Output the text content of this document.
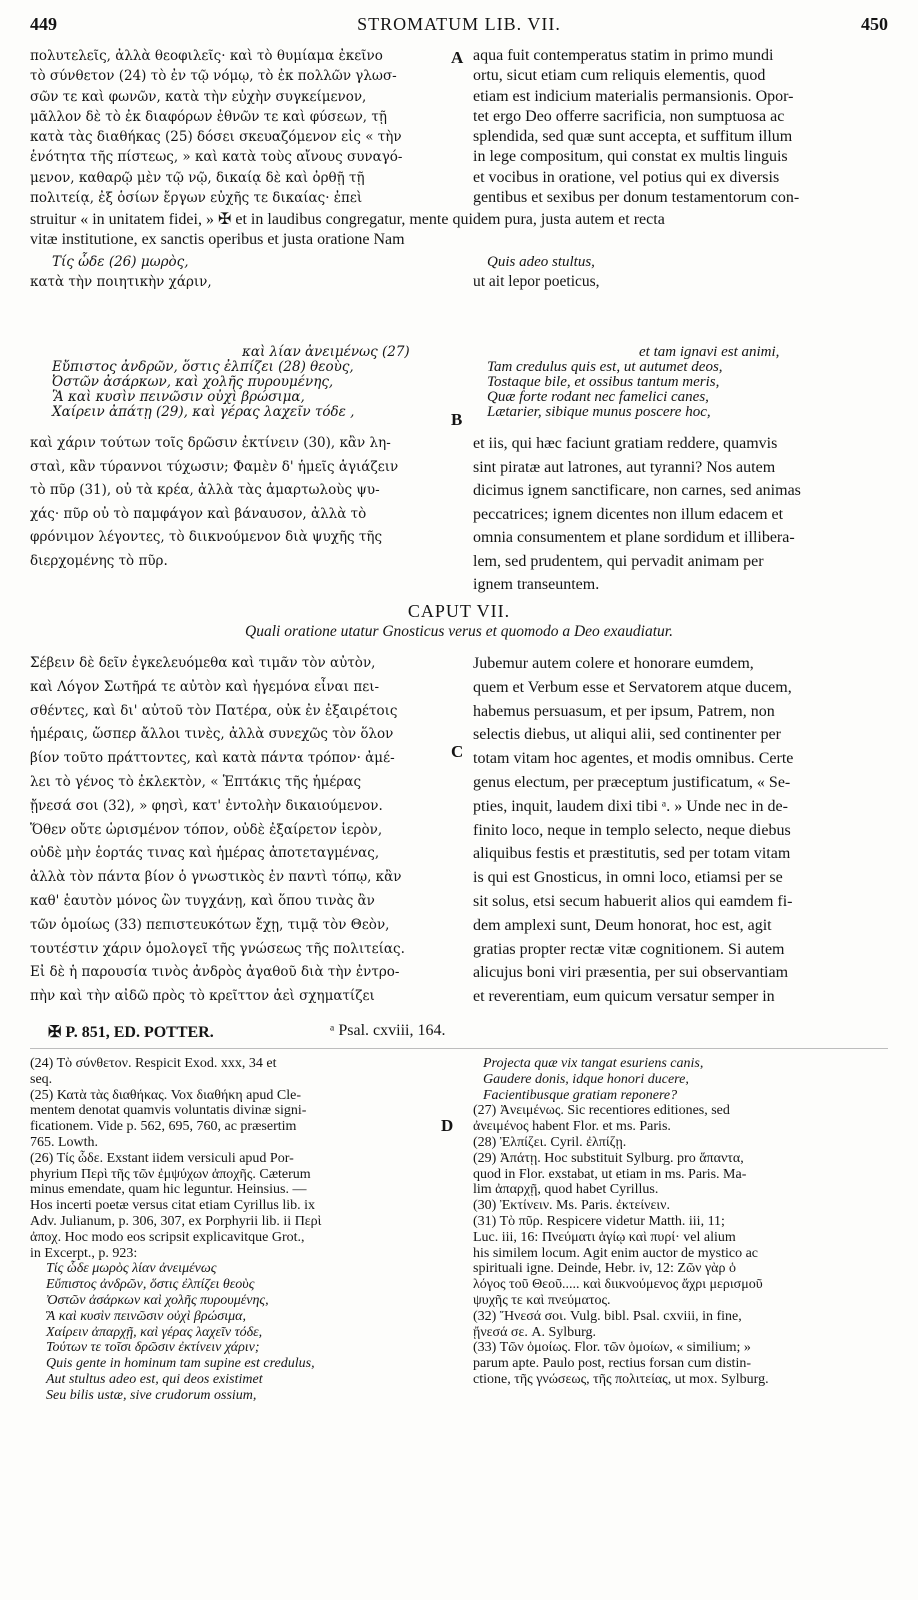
449	STROMATUM LIB. VII.	450
A
B
C
D
πολυτελεῖς, ἀλλὰ θεοφιλεῖς· καὶ τὸ θυμίαμα ἐκεῖνο
τὸ σύνθετον (24) τὸ ἐν τῷ νόμῳ, τὸ ἐκ πολλῶν γλωσ-
σῶν τε καὶ φωνῶν, κατὰ τὴν εὐχὴν συγκείμενον,
μᾶλλον δὲ τὸ ἐκ διαφόρων ἐθνῶν τε καὶ φύσεων, τῇ
κατὰ τὰς διαθήκας (25) δόσει σκευαζόμενον εἰς « τὴν
ἑνότητα τῆς πίστεως, » καὶ κατὰ τοὺς αἴνους συναγό-
μενον, καθαρῷ μὲν τῷ νῷ, δικαίᾳ δὲ καὶ ὀρθῇ τῇ
πολιτείᾳ, ἐξ ὁσίων ἔργων εὐχῆς τε δικαίας· ἐπεὶ
aqua fuit contemperatus statim in primo mundi
ortu, sicut etiam cum reliquis elementis, quod
etiam est indicium materialis permansionis. Opor-
tet ergo Deo offerre sacrificia, non sumptuosa ac
splendida, sed quæ sunt accepta, et suffitum illum
in lege compositum, qui constat ex multis linguis
et vocibus in oratione, vel potius qui ex diversis
gentibus et sexibus per donum testamentorum con-
struitur « in unitatem fidei, » ✠ et in laudibus congregatur, mente quidem pura, justa autem et recta
vitæ institutione, ex sanctis operibus et justa oratione Nam
Τίς ὧδε (26) μωρὸς,
κατὰ τὴν ποιητικὴν χάριν,
Quis adeo stultus,
ut ait lepor poeticus,
καὶ λίαν ἀνειμένως (27)
Εὔπιστος ἀνδρῶν, ὅστις ἐλπίζει (28) θεοὺς,
Ὀστῶν ἀσάρκων, καὶ χολῆς πυρουμένης,
Ἃ καὶ κυσὶν πεινῶσιν οὐχὶ βρώσιμα,
Χαίρειν ἀπάτῃ (29), καὶ γέρας λαχεῖν τόδε ,
et tam ignavi est animi,
Tam credulus quis est, ut autumet deos,
Tostaque bile, et ossibus tantum meris,
Quæ forte rodant nec famelici canes,
Lætarier, sibique munus poscere hoc,
καὶ χάριν τούτων τοῖς δρῶσιν ἐκτίνειν (30), κἂν λη-
σταὶ, κἂν τύραννοι τύχωσιν; Φαμὲν δ' ἡμεῖς ἁγιάζειν
τὸ πῦρ (31), οὐ τὰ κρέα, ἀλλὰ τὰς ἁμαρτωλοὺς ψυ-
χάς· πῦρ οὐ τὸ παμφάγον καὶ βάναυσον, ἀλλὰ τὸ
φρόνιμον λέγοντες, τὸ διικνούμενον διὰ ψυχῆς τῆς
διερχομένης τὸ πῦρ.
et iis, qui hæc faciunt gratiam reddere, quamvis
sint piratæ aut latrones, aut tyranni? Nos autem
dicimus ignem sanctificare, non carnes, sed animas
peccatrices; ignem dicentes non illum edacem et
omnia consumentem et plane sordidum et illibera-
lem, sed prudentem, qui pervadit animam per
ignem transeuntem.
CAPUT VII.
Quali oratione utatur Gnosticus verus et quomodo a Deo exaudiatur.
Σέβειν δὲ δεῖν ἐγκελευόμεθα καὶ τιμᾶν τὸν αὐτὸν,
καὶ Λόγον Σωτῆρά τε αὐτὸν καὶ ἡγεμόνα εἶναι πει-
σθέντες, καὶ δι' αὐτοῦ τὸν Πατέρα, οὐκ ἐν ἐξαιρέτοις
ἡμέραις, ὥσπερ ἄλλοι τινὲς, ἀλλὰ συνεχῶς τὸν ὅλον
βίον τοῦτο πράττοντες, καὶ κατὰ πάντα τρόπον· ἀμέ-
λει τὸ γένος τὸ ἐκλεκτὸν, « Ἑπτάκις τῆς ἡμέρας
ᾔνεσά σοι (32), » φησὶ, κατ' ἐντολὴν δικαιούμενον.
Ὅθεν οὔτε ὡρισμένον τόπον, οὐδὲ ἐξαίρετον ἱερὸν,
οὐδὲ μὴν ἑορτάς τινας καὶ ἡμέρας ἀποτεταγμένας,
ἀλλὰ τὸν πάντα βίον ὁ γνωστικὸς ἐν παντὶ τόπῳ, κἂν
καθ' ἑαυτὸν μόνος ὢν τυγχάνῃ, καὶ ὅπου τινὰς ἂν
τῶν ὁμοίως (33) πεπιστευκότων ἔχῃ, τιμᾷ τὸν Θεὸν,
τουτέστιν χάριν ὁμολογεῖ τῆς γνώσεως τῆς πολιτείας.
Εἰ δὲ ἡ παρουσία τινὸς ἀνδρὸς ἀγαθοῦ διὰ τὴν ἐντρο-
πὴν καὶ τὴν αἰδῶ πρὸς τὸ κρεῖττον ἀεὶ σχηματίζει
Jubemur autem colere et honorare eumdem,
quem et Verbum esse et Servatorem atque ducem,
habemus persuasum, et per ipsum, Patrem, non
selectis diebus, ut aliqui alii, sed continenter per
totam vitam hoc agentes, et modis omnibus. Certe
genus electum, per præceptum justificatum, « Se-
pties, inquit, laudem dixi tibi ᵃ. » Unde nec in de-
finito loco, neque in templo selecto, neque diebus
aliquibus festis et præstitutis, sed per totam vitam
is qui est Gnosticus, in omni loco, etiamsi per se
sit solus, etsi secum habuerit alios qui eamdem fi-
dem amplexi sunt, Deum honorat, hoc est, agit
gratias propter rectæ vitæ cognitionem. Si autem
alicujus boni viri præsentia, per sui observantiam
et reverentiam, eum quicum versatur semper in
✠ P. 851, ED. POTTER.	ᵃ Psal. cxviii, 164.
(24) Τὸ σύνθετον. Respicit Exod. xxx, 34 et
seq.
(25) Κατὰ τὰς διαθήκας. Vox διαθήκη apud Cle-
mentem denotat quamvis voluntatis divinæ signi-
ficationem. Vide p. 562, 695, 760, ac præsertim
765. Lowth.
(26) Τίς ὧδε. Exstant iidem versiculi apud Por-
phyrium Περὶ τῆς τῶν ἐμψύχων ἀποχῆς. Cæterum
minus emendate, quam hic leguntur. Heinsius. —
Hos incerti poetæ versus citat etiam Cyrillus lib. ix
Adv. Julianum, p. 306, 307, ex Porphyrii lib. ii Περὶ
ἀποχ. Hoc modo eos scripsit explicavitque Grot.,
in Excerpt., p. 923:
Τίς ὧδε μωρὸς λίαν ἀνειμένως
Εὔπιστος ἀνδρῶν, ὅστις ἐλπίζει θεοὺς
Ὀστῶν ἀσάρκων καὶ χολῆς πυρουμένης,
Ἃ καὶ κυσὶν πεινῶσιν οὐχὶ βρώσιμα,
Χαίρειν ἀπαρχῇ, καὶ γέρας λαχεῖν τόδε,
Τούτων τε τοῖσι δρῶσιν ἐκτίνειν χάριν;
Quis gente in hominum tam supine est credulus,
Aut stultus adeo est, qui deos existimet
Seu bilis ustæ, sive crudorum ossium,
Projecta quæ vix tangat esuriens canis,
Gaudere donis, idque honori ducere,
Facientibusque gratiam reponere?
(27) Ἀνειμένως. Sic recentiores editiones, sed
ἀνειμένος habent Flor. et ms. Paris.
(28) Ἐλπίζει. Cyril. ἐλπίζῃ.
(29) Ἀπάτῃ. Hoc substituit Sylburg. pro ἅπαντα,
quod in Flor. exstabat, ut etiam in ms. Paris. Ma-
lim ἀπαρχῇ, quod habet Cyrillus.
(30) Ἐκτίνειν. Ms. Paris. ἐκτείνειν.
(31) Τὸ πῦρ. Respicere videtur Matth. iii, 11;
Luc. iii, 16: Πνεύματι ἁγίῳ καὶ πυρί· vel alium
his similem locum. Agit enim auctor de mystico ac
spirituali igne. Deinde, Hebr. iv, 12: Ζῶν γὰρ ὁ
λόγος τοῦ Θεοῦ..... καὶ διικνούμενος ἄχρι μερισμοῦ
ψυχῆς τε καὶ πνεύματος.
(32) Ἤνεσά σοι. Vulg. bibl. Psal. cxviii, in fine,
ᾔνεσά σε. A. Sylburg.
(33) Τῶν ὁμοίως. Flor. τῶν ὁμοίων, « similium; »
parum apte. Paulo post, rectius forsan cum distin-
ctione, τῆς γνώσεως, τῆς πολιτείας, ut mox. Sylburg.
